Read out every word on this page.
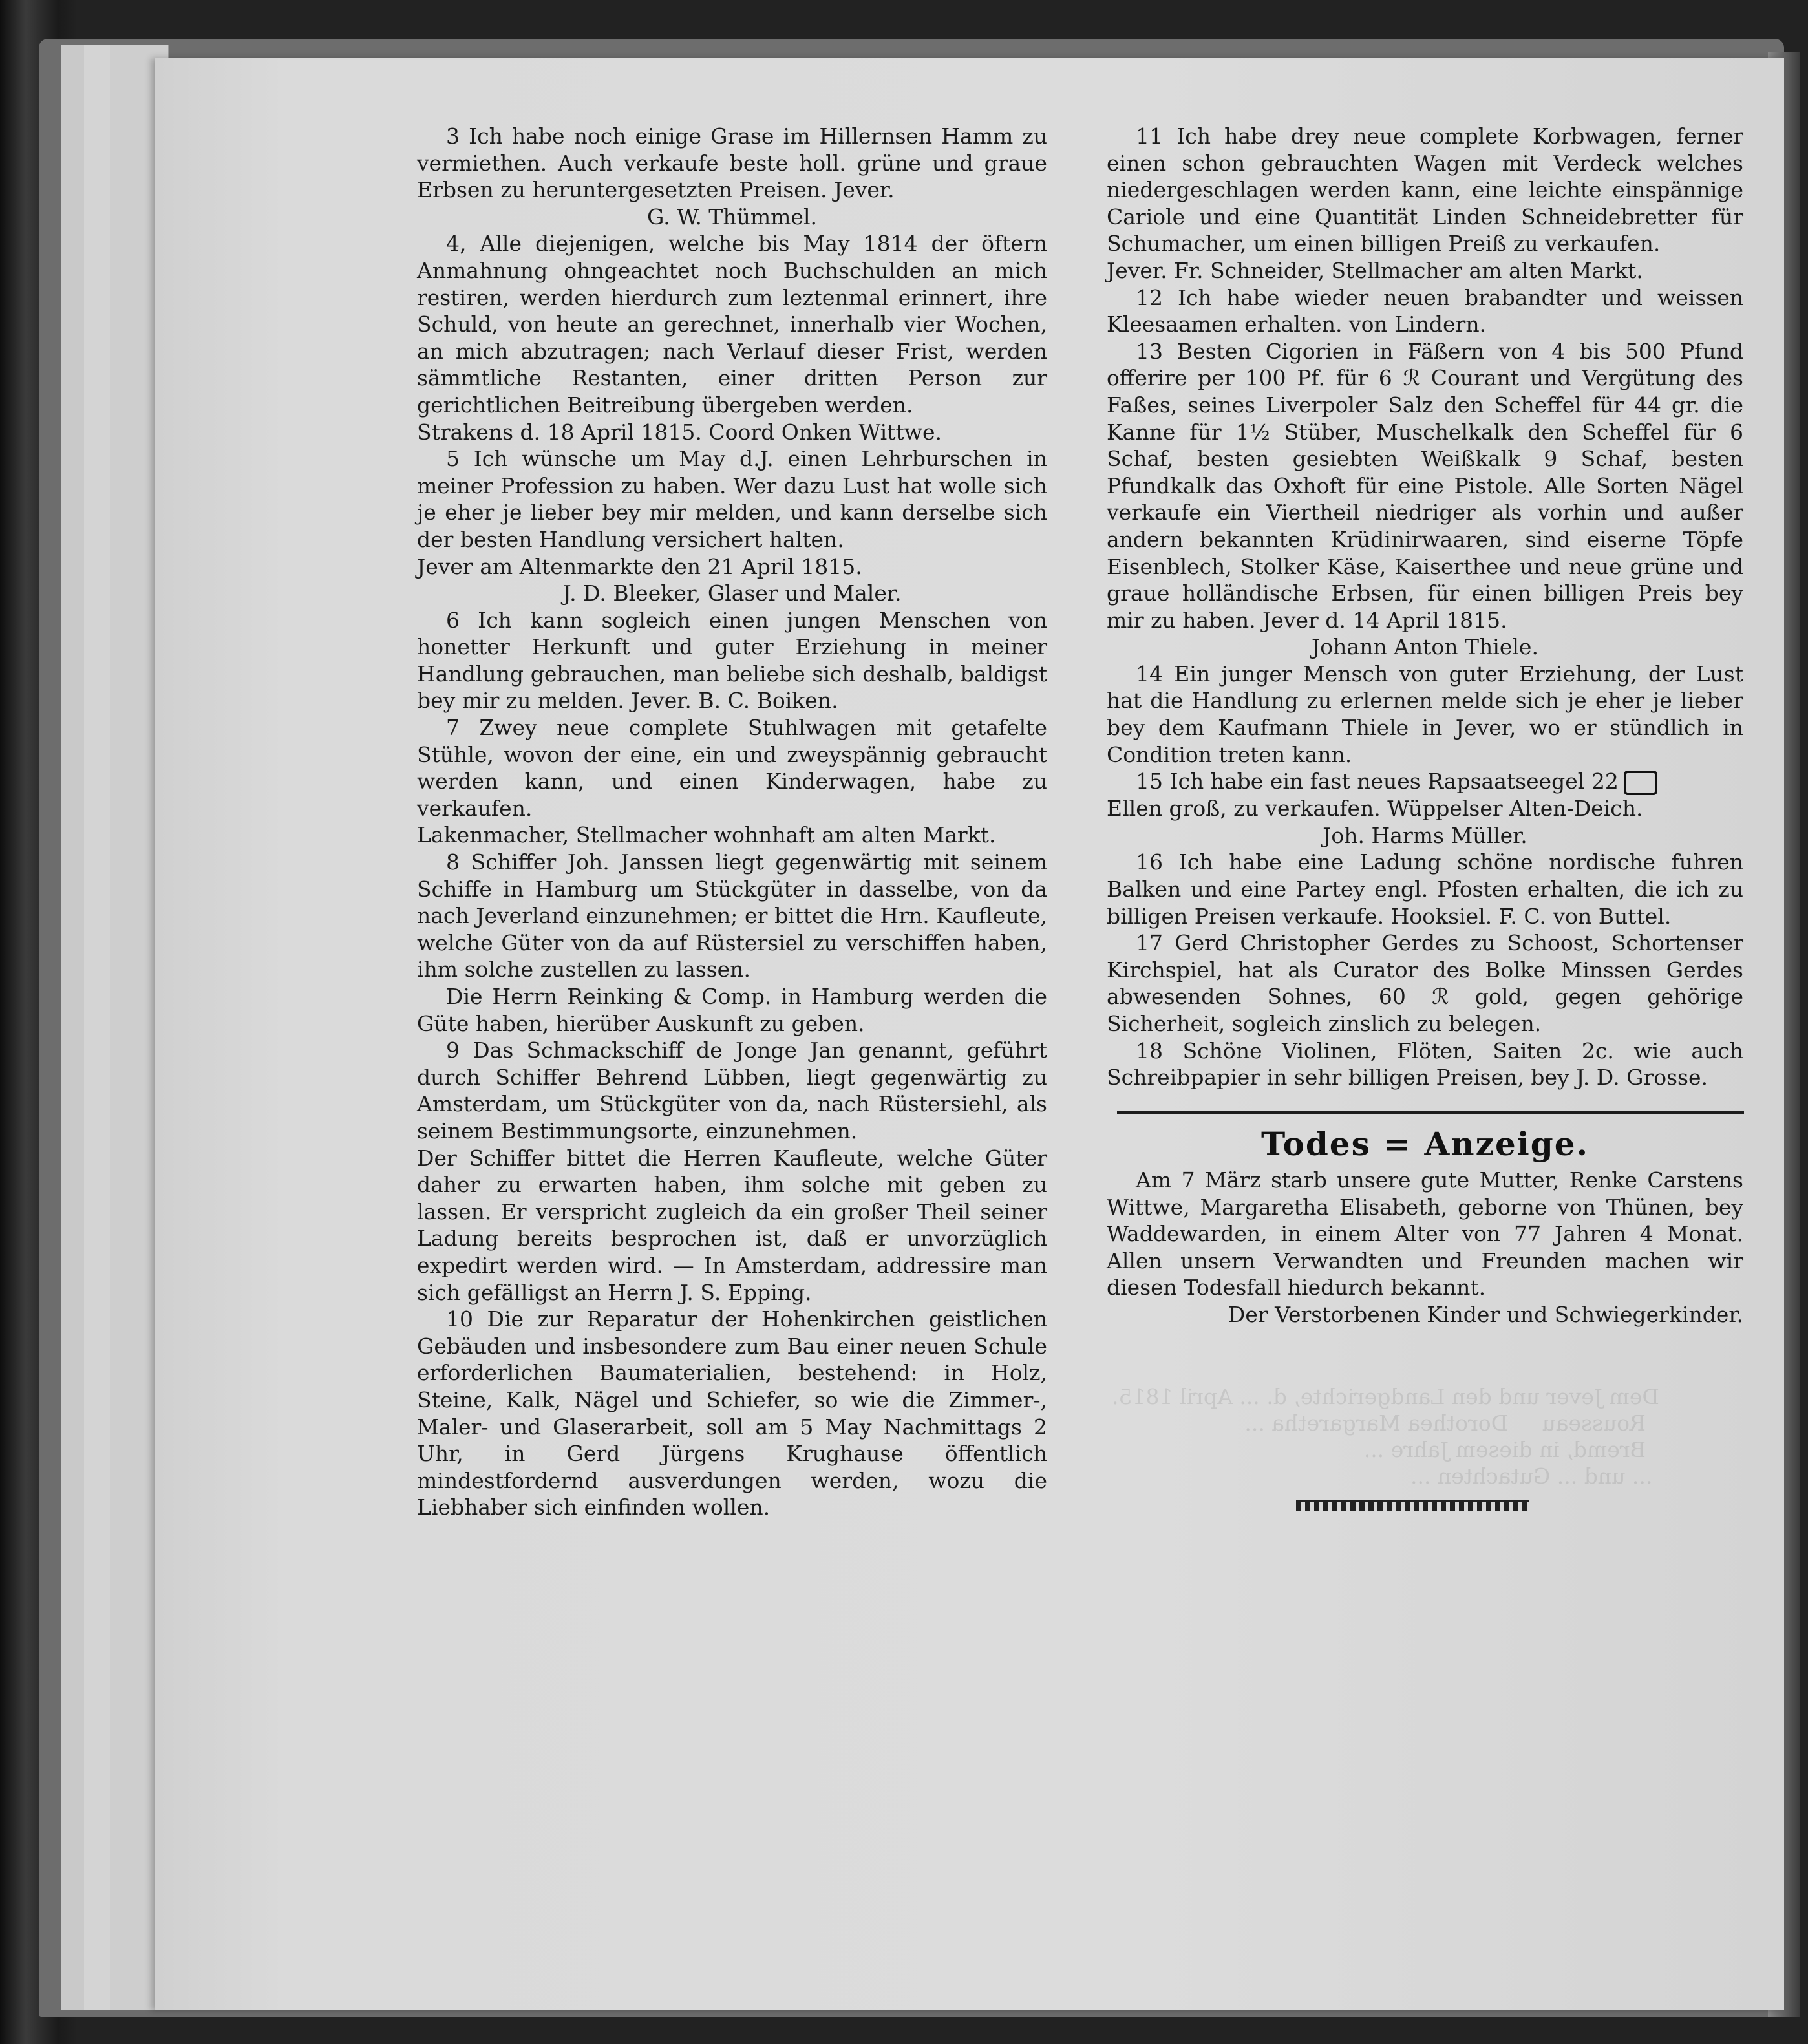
Dem Jever und den Landgerichte, d. ... April 1815.
Rousseau     Dorothea Margaretha ...
Bremd, in diesem Jahre ...
... und ... Gutachten ...

3 Ich habe noch einige Grase im Hillernsen Hamm zu vermiethen. Auch verkaufe beste holl. grüne und graue Erbsen zu heruntergesetzten Preisen. Jever.

G. W. Thümmel.

4, Alle diejenigen, welche bis May 1814 der öftern Anmahnung ohngeachtet noch Buchschulden an mich restiren, werden hierdurch zum leztenmal erinnert, ihre Schuld, von heute an gerechnet, innerhalb vier Wochen, an mich abzutragen; nach Verlauf dieser Frist, werden sämmtliche Restanten, einer dritten Person zur gerichtlichen Beitreibung übergeben werden.

Strakens d. 18 April 1815. Coord Onken Wittwe.

5 Ich wünsche um May d.J. einen Lehrburschen in meiner Profession zu haben. Wer dazu Lust hat wolle sich je eher je lieber bey mir melden, und kann derselbe sich der besten Handlung versichert halten.

Jever am Altenmarkte den 21 April 1815.

J. D. Bleeker, Glaser und Maler.

6 Ich kann sogleich einen jungen Menschen von honetter Herkunft und guter Erziehung in meiner Handlung gebrauchen, man beliebe sich deshalb, baldigst bey mir zu melden. Jever. B. C. Boiken.

7 Zwey neue complete Stuhlwagen mit getafelte Stühle, wovon der eine, ein und zweyspännig gebraucht werden kann, und einen Kinderwagen, habe zu verkaufen.

Lakenmacher, Stellmacher wohnhaft am alten Markt.

8 Schiffer Joh. Janssen liegt gegenwärtig mit seinem Schiffe in Hamburg um Stückgüter in dasselbe, von da nach Jeverland einzunehmen; er bittet die Hrn. Kaufleute, welche Güter von da auf Rüstersiel zu verschiffen haben, ihm solche zustellen zu lassen.

Die Herrn Reinking & Comp. in Hamburg werden die Güte haben, hierüber Auskunft zu geben.

9 Das Schmackschiff de Jonge Jan genannt, geführt durch Schiffer Behrend Lübben, liegt gegenwärtig zu Amsterdam, um Stückgüter von da, nach Rüstersiehl, als seinem Bestimmungsorte, einzunehmen.

Der Schiffer bittet die Herren Kaufleute, welche Güter daher zu erwarten haben, ihm solche mit geben zu lassen. Er verspricht zugleich da ein großer Theil seiner Ladung bereits besprochen ist, daß er unvorzüglich expedirt werden wird. — In Amsterdam, addressire man sich gefälligst an Herrn J. S. Epping.

10 Die zur Reparatur der Hohenkirchen geistlichen Gebäuden und insbesondere zum Bau einer neuen Schule erforderlichen Baumaterialien, bestehend: in Holz, Steine, Kalk, Nägel und Schiefer, so wie die Zimmer-, Maler- und Glaserarbeit, soll am 5 May Nachmittags 2 Uhr, in Gerd Jürgens Krughause öffentlich mindestfordernd ausverdungen werden, wozu die Liebhaber sich einfinden wollen.

11 Ich habe drey neue complete Korbwagen, ferner einen schon gebrauchten Wagen mit Verdeck welches niedergeschlagen werden kann, eine leichte einspännige Cariole und eine Quantität Linden Schneidebretter für Schumacher, um einen billigen Preiß zu verkaufen.

Jever. Fr. Schneider, Stellmacher am alten Markt.

12 Ich habe wieder neuen brabandter und weissen Kleesaamen erhalten. von Lindern.

13 Besten Cigorien in Fäßern von 4 bis 500 Pfund offerire per 100 Pf. für 6 ℛ Courant und Vergütung des Faßes, seines Liverpoler Salz den Scheffel für 44 gr. die Kanne für 1½ Stüber, Muschelkalk den Scheffel für 6 Schaf, besten gesiebten Weißkalk 9 Schaf, besten Pfundkalk das Oxhoft für eine Pistole. Alle Sorten Nägel verkaufe ein Viertheil niedriger als vorhin und außer andern bekannten Krüdinirwaaren, sind eiserne Töpfe Eisenblech, Stolker Käse, Kaiserthee und neue grüne und graue holländische Erbsen, für einen billigen Preis bey mir zu haben. Jever d. 14 April 1815.

Johann Anton Thiele.

14 Ein junger Mensch von guter Erziehung, der Lust hat die Handlung zu erlernen melde sich je eher je lieber bey dem Kaufmann Thiele in Jever, wo er stündlich in Condition treten kann.

15 Ich habe ein fast neues Rapsaatseegel 22

Ellen groß, zu verkaufen. Wüppelser Alten-Deich.

Joh. Harms Müller.

16 Ich habe eine Ladung schöne nordische fuhren Balken und eine Partey engl. Pfosten erhalten, die ich zu billigen Preisen verkaufe. Hooksiel. F. C. von Buttel.

17 Gerd Christopher Gerdes zu Schoost, Schortenser Kirchspiel, hat als Curator des Bolke Minssen Gerdes abwesenden Sohnes, 60 ℛ gold, gegen gehörige Sicherheit, sogleich zinslich zu belegen.

18 Schöne Violinen, Flöten, Saiten 2c. wie auch Schreibpapier in sehr billigen Preisen, bey J. D. Grosse.

Todes = Anzeige.

Am 7 März starb unsere gute Mutter, Renke Carstens Wittwe, Margaretha Elisabeth, geborne von Thünen, bey Waddewarden, in einem Alter von 77 Jahren 4 Monat. Allen unsern Verwandten und Freunden machen wir diesen Todesfall hiedurch bekannt.

Der Verstorbenen Kinder und Schwiegerkinder.
